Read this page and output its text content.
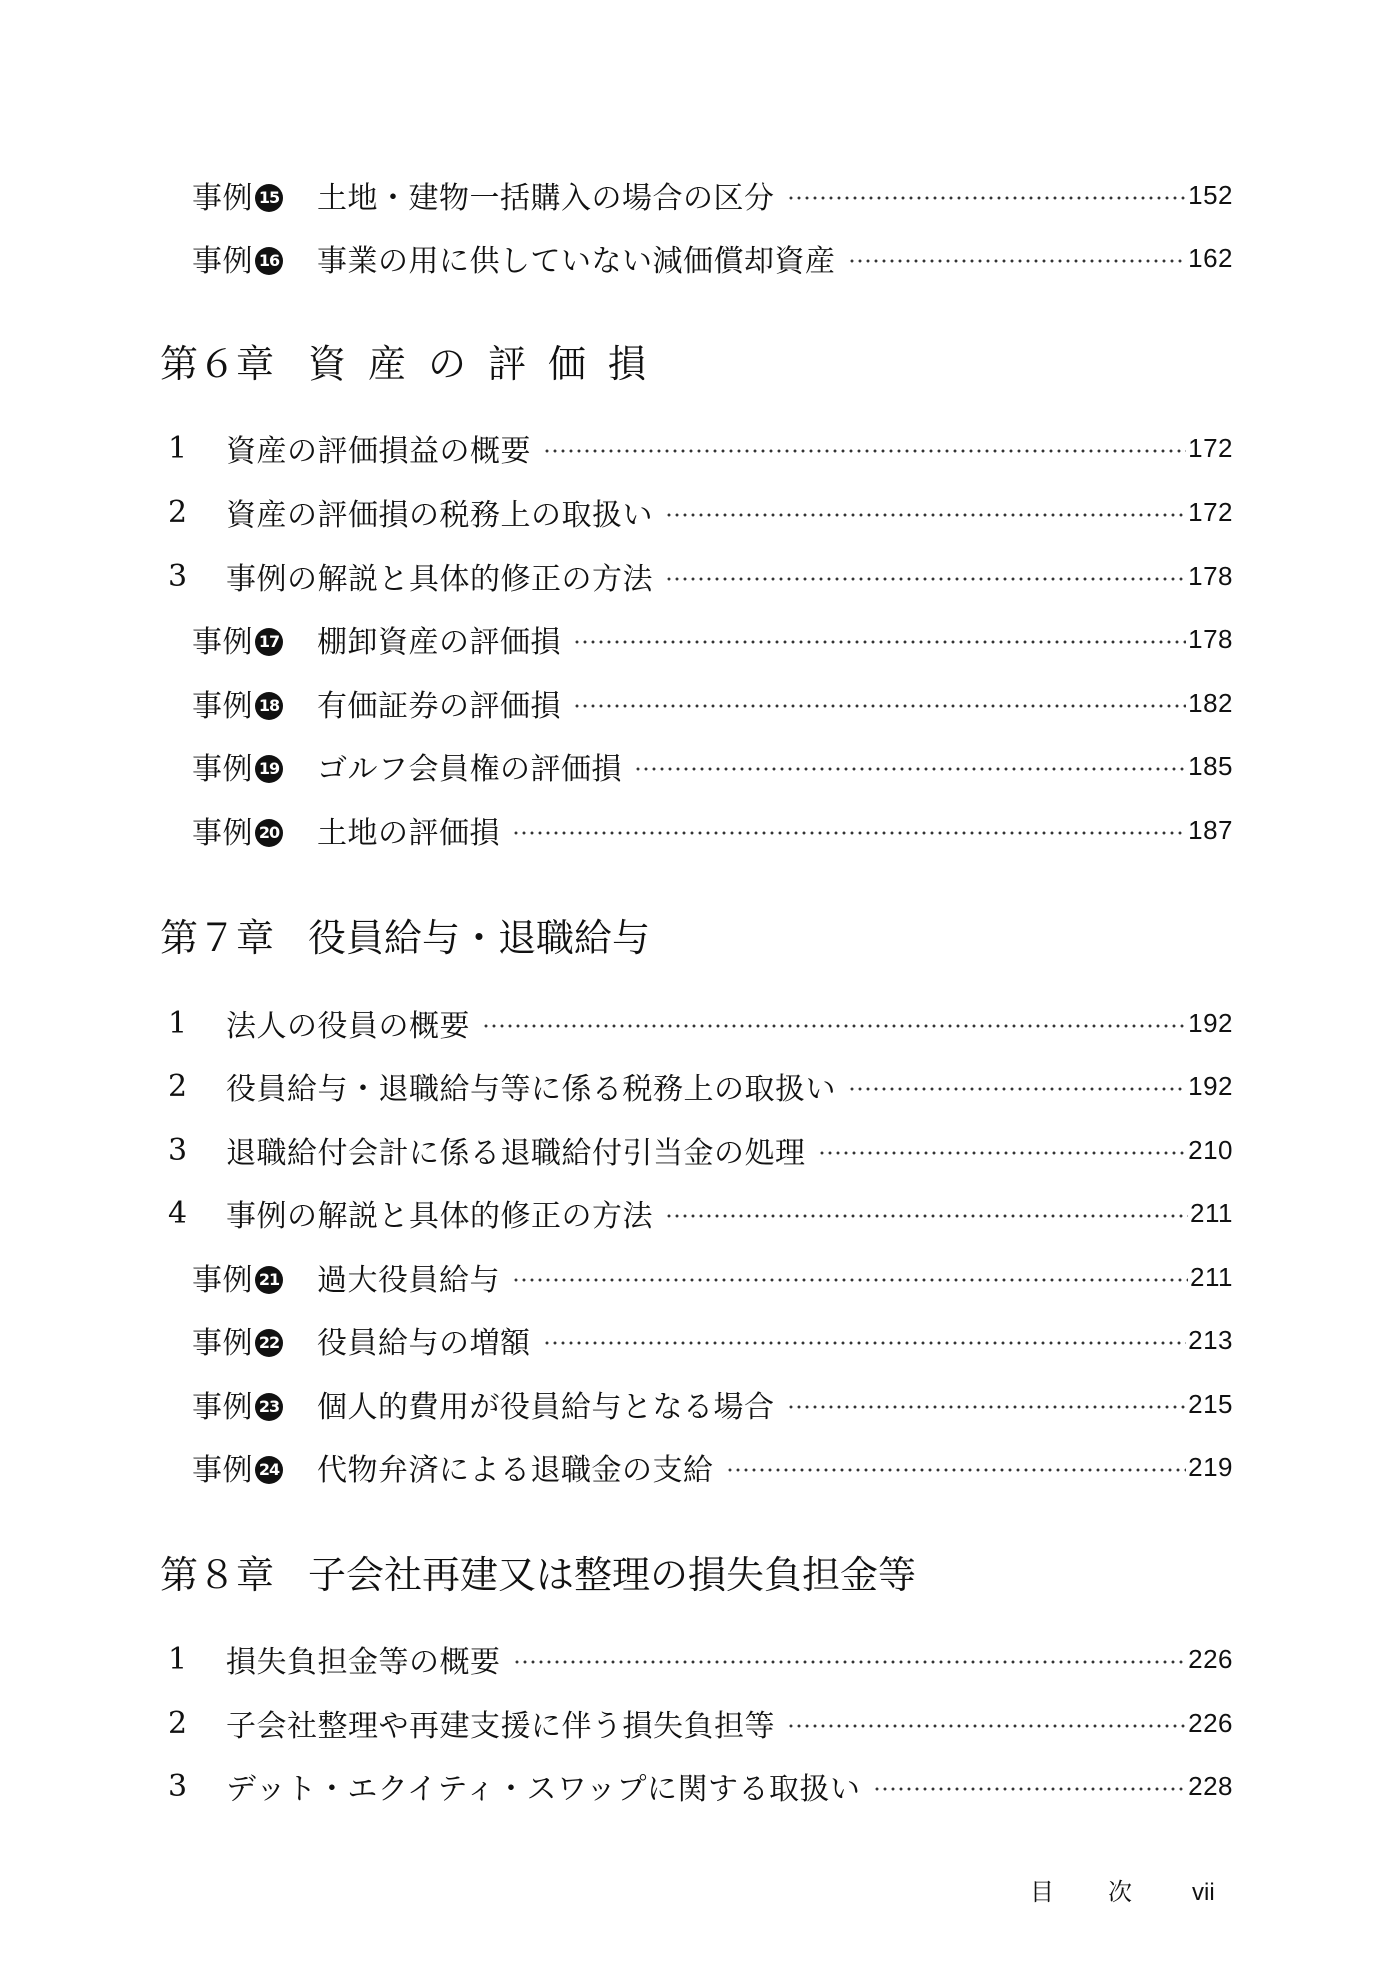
事例 15	土地・建物一括購入の場合の区分	152
事例 16	事業の用に供していない減価償却資産	162
第６章 資産の評価損
1	資産の評価損益の概要	172
2	資産の評価損の税務上の取扱い	172
3	事例の解説と具体的修正の方法	178
事例 17	棚卸資産の評価損	178
事例 18	有価証券の評価損	182
事例 19	ゴルフ会員権の評価損	185
事例 20	土地の評価損	187
第７章 役員給与・退職給与
1	法人の役員の概要	192
2	役員給与・退職給与等に係る税務上の取扱い	192
3	退職給付会計に係る退職給付引当金の処理	210
4	事例の解説と具体的修正の方法	211
事例 21	過大役員給与	211
事例 22	役員給与の増額	213
事例 23	個人的費用が役員給与となる場合	215
事例 24	代物弁済による退職金の支給	219
第８章 子会社再建又は整理の損失負担金等
1	損失負担金等の概要	226
2	子会社整理や再建支援に伴う損失負担等	226
3	デット・エクイティ・スワップに関する取扱い	228
目次 vii
